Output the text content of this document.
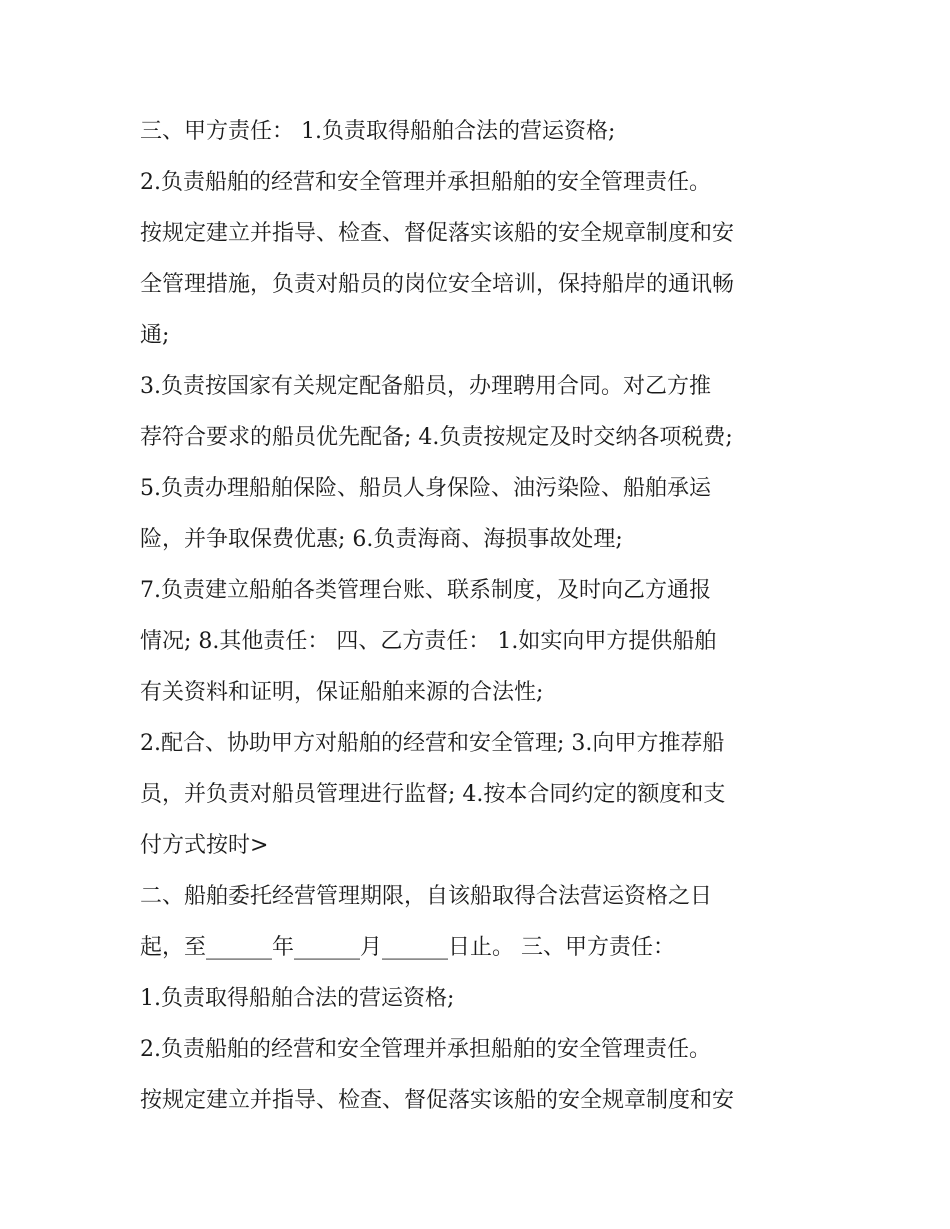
三、甲方责任： 1.负责取得船舶合法的营运资格;
2.负责船舶的经营和安全管理并承担船舶的安全管理责任。
按规定建立并指导、检查、督促落实该船的安全规章制度和安
全管理措施，负责对船员的岗位安全培训，保持船岸的通讯畅
通;
3.负责按国家有关规定配备船员，办理聘用合同。对乙方推
荐符合要求的船员优先配备; 4.负责按规定及时交纳各项税费;
5.负责办理船舶保险、船员人身保险、油污染险、船舶承运
险，并争取保费优惠; 6.负责海商、海损事故处理;
7.负责建立船舶各类管理台账、联系制度，及时向乙方通报
情况; 8.其他责任： 四、乙方责任： 1.如实向甲方提供船舶
有关资料和证明，保证船舶来源的合法性;
2.配合、协助甲方对船舶的经营和安全管理; 3.向甲方推荐船
员，并负责对船员管理进行监督; 4.按本合同约定的额度和支
付方式按时>
二、船舶委托经营管理期限，自该船取得合法营运资格之日
起，至______年______月______日止。 三、甲方责任：
1.负责取得船舶合法的营运资格;
2.负责船舶的经营和安全管理并承担船舶的安全管理责任。
按规定建立并指导、检查、督促落实该船的安全规章制度和安
